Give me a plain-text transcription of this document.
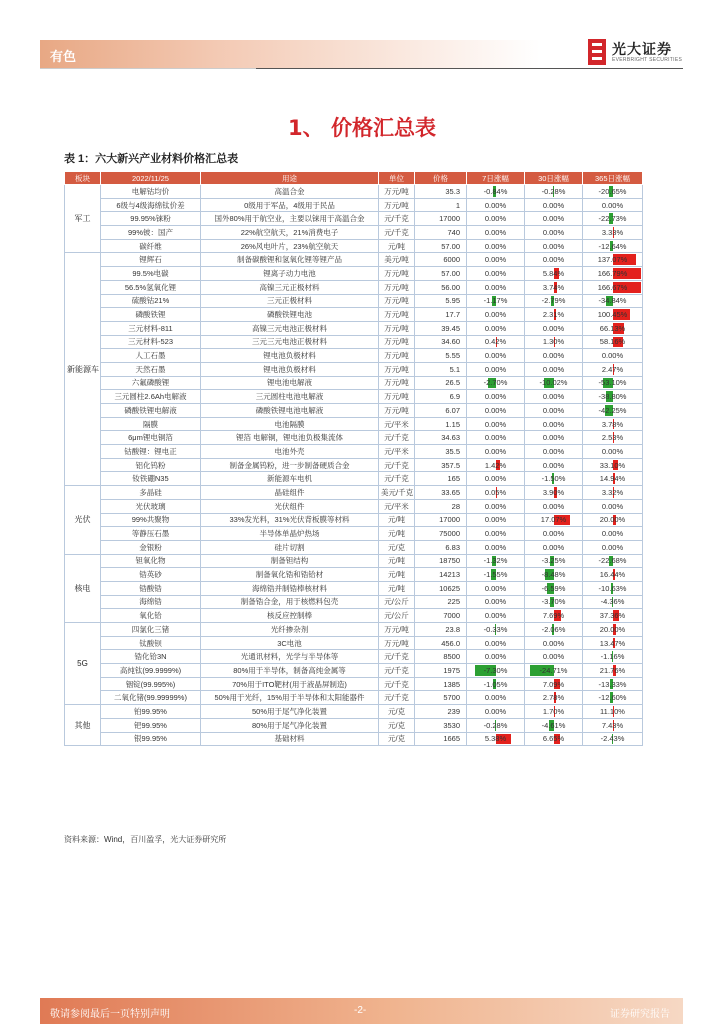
有色	光大证券
EVERBRIGHT SECURITIES
1、 价格汇总表
表 1：六大新兴产业材料价格汇总表
板块	2022/11/25	用途	单位	价格	7日涨幅	30日涨幅	365日涨幅
军工	电解钴均价	高温合金	万元/吨	35.3	-0.84%	-0.28%	-20.65%

	6级与4级海绵钛价差	0级用于军品，4级用于民品	万元/吨	1	0.00%	0.00%	0.00%

	99.95%铼粉	国外80%用于航空业，主要以铼用于高温合金	元/千克	17000	0.00%	0.00%	-22.73%

	99%铍：国产	22%航空航天，21%消费电子	元/千克	740	0.00%	0.00%	3.33%

	碳纤维	26%风电叶片，23%航空航天	元/吨	57.00	0.00%	0.00%	-12.64%

新能源车	锂辉石	制备碳酸锂和氢氧化锂等锂产品	美元/吨	6000	0.00%	0.00%	137.07%

	99.5%电碳	锂离子动力电池	万元/吨	57.00	0.00%	5.84%	166.79%

	56.5%氢氧化锂	高镍三元正极材料	万元/吨	56.00	0.00%	3.74%	166.67%

	硫酸钴21%	三元正极材料	万元/吨	5.95	-1.17%	-2.79%	-34.84%

	磷酸铁锂	磷酸铁锂电池	万元/吨	17.7	0.00%	2.31%	100.45%

	三元材料-811	高镍三元电池正极材料	万元/吨	39.45	0.00%	0.00%	66.13%

	三元材料-523	三元三元电池正极材料	万元/吨	34.60	0.42%	1.30%	58.16%

	人工石墨	锂电池负极材料	万元/吨	5.55	0.00%	0.00%	0.00%

	天然石墨	锂电池负极材料	万元/吨	5.1	0.00%	0.00%	2.47%

	六氟磷酸锂	锂电池电解液	万元/吨	26.5	-2.70%	-10.02%	-53.10%

	三元圆柱2.6Ah电解液	三元圆柱电池电解液	万元/吨	6.9	0.00%	0.00%	-38.80%

	磷酸铁锂电解液	磷酸铁锂电池电解液	万元/吨	6.07	0.00%	0.00%	-42.25%

	隔膜	电池隔膜	元/平米	1.15	0.00%	0.00%	3.78%

	6μm锂电铜箔	锂箔 电解铜，锂电池负极集流体	元/千克	34.63	0.00%	0.00%	2.53%

	钴酸锂：锂电正	电池外壳	元/平米	35.5	0.00%	0.00%	0.00%

	铝化钨粉	制备金属钨粉，进一步制备硬质合金	元/千克	357.5	1.42%	0.00%	33.10%

	钕铁硼N35	新能源车电机	元/千克	165	0.00%	-1.50%	14.94%

光伏	多晶硅	晶硅组件	美元/千克	33.65	0.05%	3.90%	3.32%

	光伏玻璃	光伏组件	元/平米	28	0.00%	0.00%	0.00%

	99%共聚物	33%发光料，31%光伏背板膜等材料	元/吨	17000	0.00%	17.07%	20.00%

	等静压石墨	半导体单晶炉热场	元/吨	75000	0.00%	0.00%	0.00%

	金银粉	硅片切割	元/克	6.83	0.00%	0.00%	0.00%

核电	钽氧化物	制备钽结构	元/吨	18750	-1.32%	-3.25%	-22.68%

	锆英砂	制备氧化锆和锆铪材	元/吨	14213	-1.55%	-8.48%	16.44%

	锆酸锆	海绵锆并制锆棒核材料	元/吨	10625	0.00%	-6.59%	-10.63%

	海绵锆	制备锆合金，用于核燃料包壳	元/公斤	225	0.00%	-3.70%	-4.36%

	氧化铪	核反应控制棒	元/公斤	7000	0.00%	7.69%	37.36%

5G	四氯化三锗	光纤掺杂剂	万元/吨	23.8	-0.33%	-2.06%	20.00%

	钛酸钡	3C电池	万元/吨	456.0	0.00%	0.00%	13.47%

	锆化铪3N	光通讯材料，光学与半导体等	元/千克	8500	0.00%	0.00%	-1.16%

	高纯钛(99.9999%)	80%用于半导体，制备高纯金属等	元/千克	1975	-7.30%	-24.71%	21.76%

	铟锭(99.995%)	70%用于ITO靶材(用于液晶屏制造)	元/千克	1385	-1.05%	7.09%	-13.33%

	二氧化锗(99.99999%)	50%用于光纤，15%用于半导体和太阳能器件	元/千克	5700	0.00%	2.78%	-12.60%

其他	铂99.95%	50%用于尾气净化装置	元/克	239	0.00%	1.70%	11.10%

	钯99.95%	80%用于尾气净化装置	元/克	3530	-0.28%	-4.61%	7.43%

	银99.95%	基础材料	元/克	1665	5.38%	6.65%	-2.43%
资料来源：Wind，百川盈孚，光大证券研究所
敬请参阅最后一页特别声明	-2-	证券研究报告
